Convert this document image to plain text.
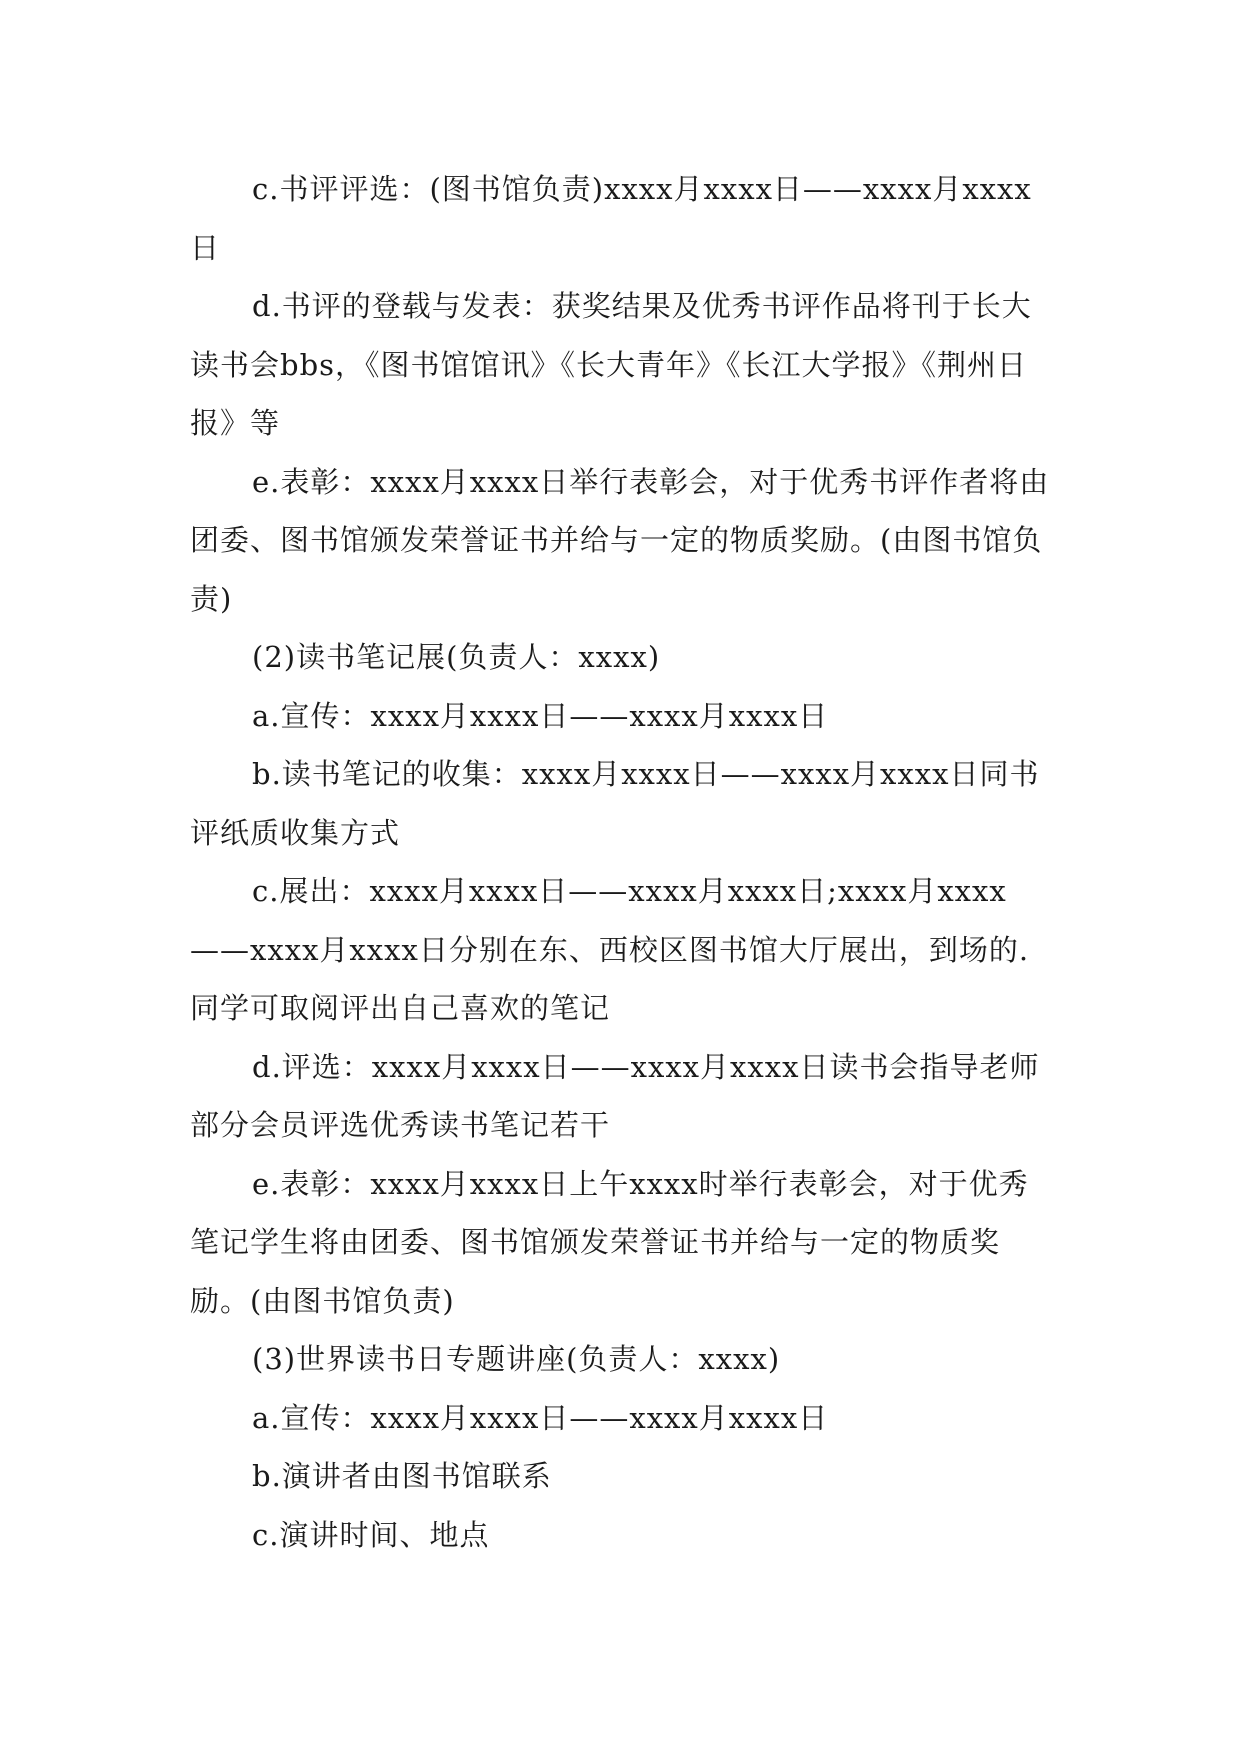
c.书评评选：(图书馆负责)xxxx月xxxx日——xxxx月xxxx日

d.书评的登载与发表：获奖结果及优秀书评作品将刊于长大读书会bbs，《图书馆馆讯》《长大青年》《长江大学报》《荆州日报》等

e.表彰：xxxx月xxxx日举行表彰会，对于优秀书评作者将由团委、图书馆颁发荣誉证书并给与一定的物质奖励。(由图书馆负责)

(2)读书笔记展(负责人：xxxx)

a.宣传：xxxx月xxxx日——xxxx月xxxx日

b.读书笔记的收集：xxxx月xxxx日——xxxx月xxxx日同书评纸质收集方式

c.展出：xxxx月xxxx日——xxxx月xxxx日;xxxx月xxxx——xxxx月xxxx日分别在东、西校区图书馆大厅展出，到场的.同学可取阅评出自己喜欢的笔记

d.评选：xxxx月xxxx日——xxxx月xxxx日读书会指导老师部分会员评选优秀读书笔记若干

e.表彰：xxxx月xxxx日上午xxxx时举行表彰会，对于优秀笔记学生将由团委、图书馆颁发荣誉证书并给与一定的物质奖励。(由图书馆负责)

(3)世界读书日专题讲座(负责人：xxxx)

a.宣传：xxxx月xxxx日——xxxx月xxxx日

b.演讲者由图书馆联系

c.演讲时间、地点
